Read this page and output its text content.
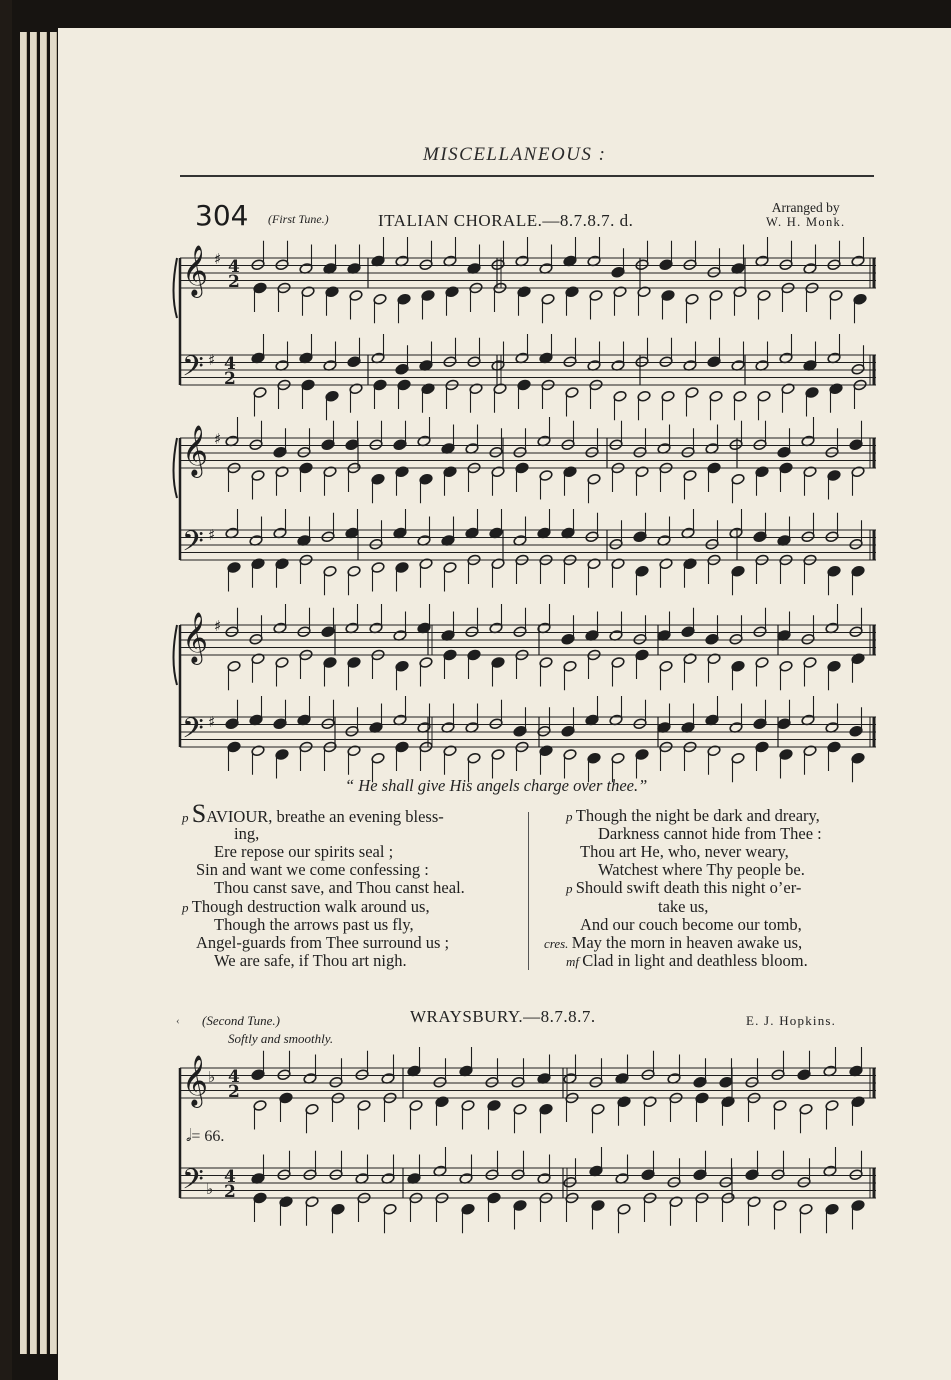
MISCELLANEOUS :
304 (First Tune.)	ITALIAN CHORALE.—8.7.8.7. d.
Arranged by
W. H. Monk.
𝄞
𝄢
♯
♯
4
2
4
2
𝄞
𝄢
♯
♯
𝄞
𝄢
♯
♯
𝄞
𝄢
♭
♭
4
2
4
2
“ He shall give His angels charge over thee.”
p SAVIOUR, breathe an evening bless-
ing,
Ere repose our spirits seal ;
Sin and want we come confessing :
Thou canst save, and Thou canst heal.
p Though destruction walk around us,
Though the arrows past us fly,
Angel-guards from Thee surround us ;
We are safe, if Thou art nigh.
p Though the night be dark and dreary,
Darkness cannot hide from Thee :
Thou art He, who, never weary,
Watchest where Thy people be.
p Should swift death this night o’er-
take us,
And our couch become our tomb,
cres. May the morn in heaven awake us,
mf Clad in light and deathless bloom.
‹ (Second Tune.)	WRAYSBURY.—8.7.8.7.	E. J. Hopkins.
Softly and smoothly.
𝅗𝅥= 66.
